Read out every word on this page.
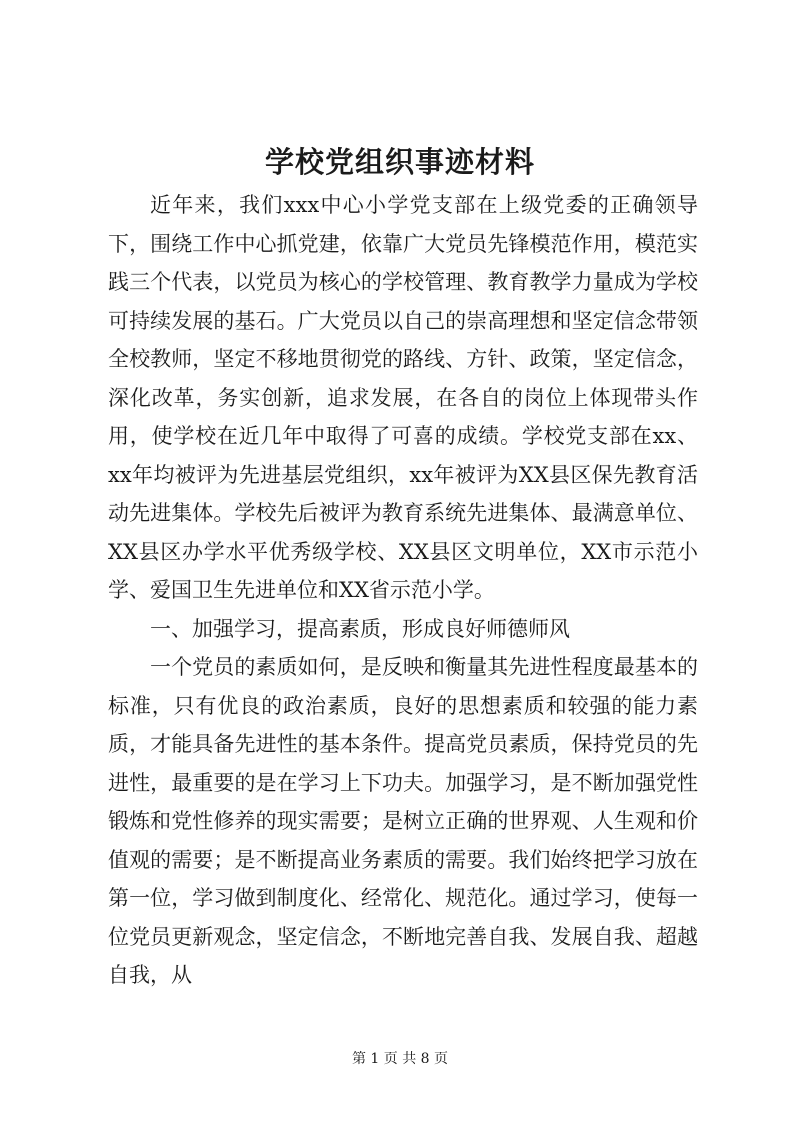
学校党组织事迹材料

近年来，我们xxx中心小学党支部在上级党委的正确领导下，围绕工作中心抓党建，依靠广大党员先锋模范作用，模范实践三个代表，以党员为核心的学校管理、教育教学力量成为学校可持续发展的基石。广大党员以自己的崇高理想和坚定信念带领全校教师，坚定不移地贯彻党的路线、方针、政策，坚定信念，深化改革，务实创新，追求发展，在各自的岗位上体现带头作用，使学校在近几年中取得了可喜的成绩。学校党支部在xx、xx年均被评为先进基层党组织，xx年被评为XX县区保先教育活动先进集体。学校先后被评为教育系统先进集体、最满意单位、XX县区办学水平优秀级学校、XX县区文明单位，XX市示范小学、爱国卫生先进单位和XX省示范小学。

一、加强学习，提高素质，形成良好师德师风

一个党员的素质如何，是反映和衡量其先进性程度最基本的标准，只有优良的政治素质，良好的思想素质和较强的能力素质，才能具备先进性的基本条件。提高党员素质，保持党员的先进性，最重要的是在学习上下功夫。加强学习，是不断加强党性锻炼和党性修养的现实需要；是树立正确的世界观、人生观和价值观的需要；是不断提高业务素质的需要。我们始终把学习放在第一位，学习做到制度化、经常化、规范化。通过学习，使每一位党员更新观念，坚定信念，不断地完善自我、发展自我、超越自我，从

第 1 页 共 8 页
